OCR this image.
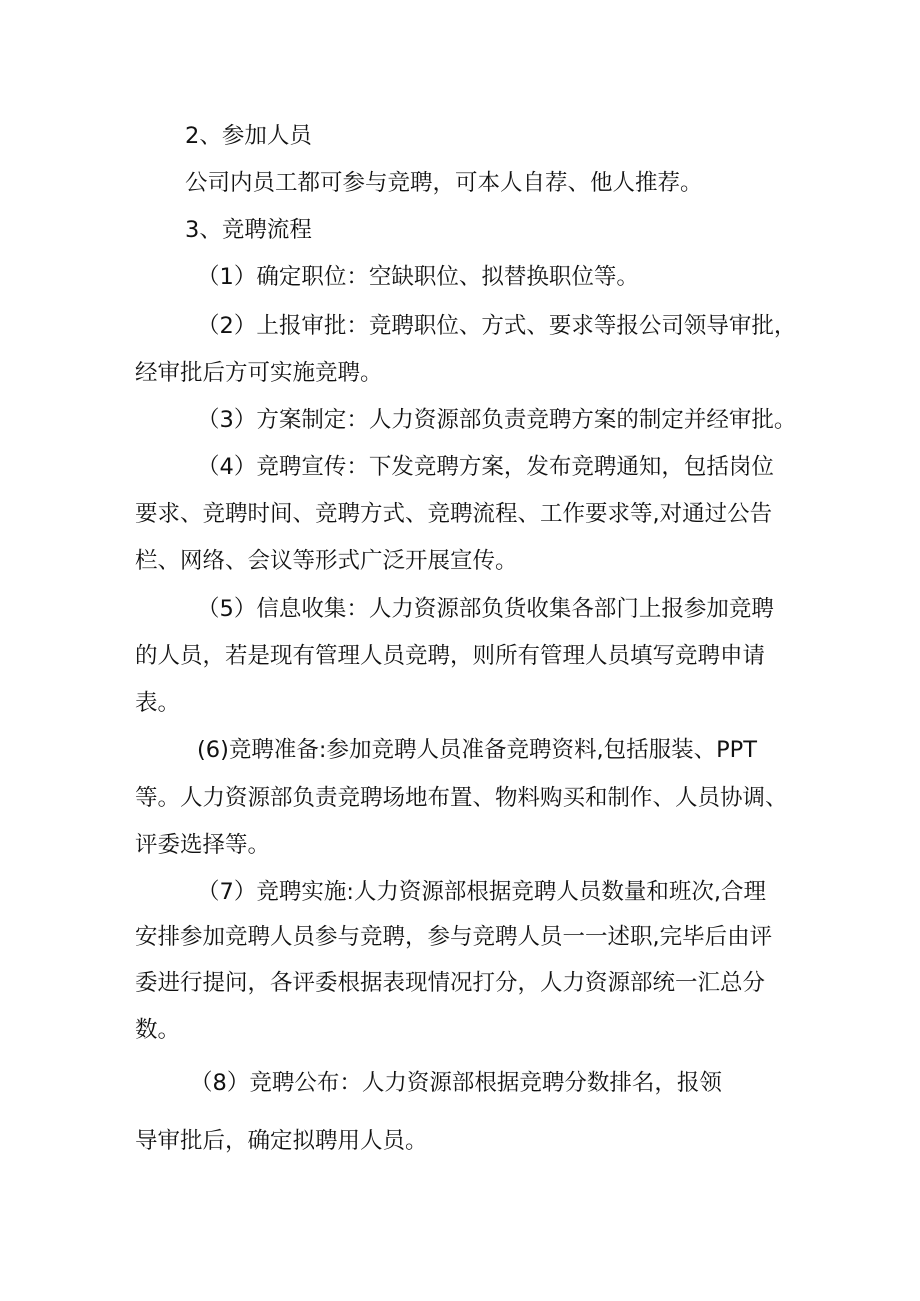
2、参加人员

公司内员工都可参与竞聘，可本人自荐、他人推荐。

3、竞聘流程

（1）确定职位：空缺职位、拟替换职位等。

（2）上报审批：竞聘职位、方式、要求等报公司领导审批，

经审批后方可实施竞聘。

（3）方案制定：人力资源部负责竞聘方案的制定并经审批。

（4）竞聘宣传：下发竞聘方案，发布竞聘通知，包括岗位

要求、竞聘时间、竞聘方式、竞聘流程、工作要求等,对通过公告

栏、网络、会议等形式广泛开展宣传。

（5）信息收集：人力资源部负货收集各部门上报参加竞聘

的人员，若是现有管理人员竞聘，则所有管理人员填写竞聘申请

表。

(6)竞聘准备:参加竞聘人员准备竞聘资料,包括服装、PPT

等。人力资源部负责竞聘场地布置、物料购买和制作、人员协调、

评委选择等。

（7）竞聘实施:人力资源部根据竞聘人员数量和班次,合理

安排参加竞聘人员参与竞聘，参与竞聘人员一一述职,完毕后由评

委进行提问，各评委根据表现情况打分，人力资源部统一汇总分

数。

（8）竞聘公布：人力资源部根据竞聘分数排名，报领

导审批后，确定拟聘用人员。
